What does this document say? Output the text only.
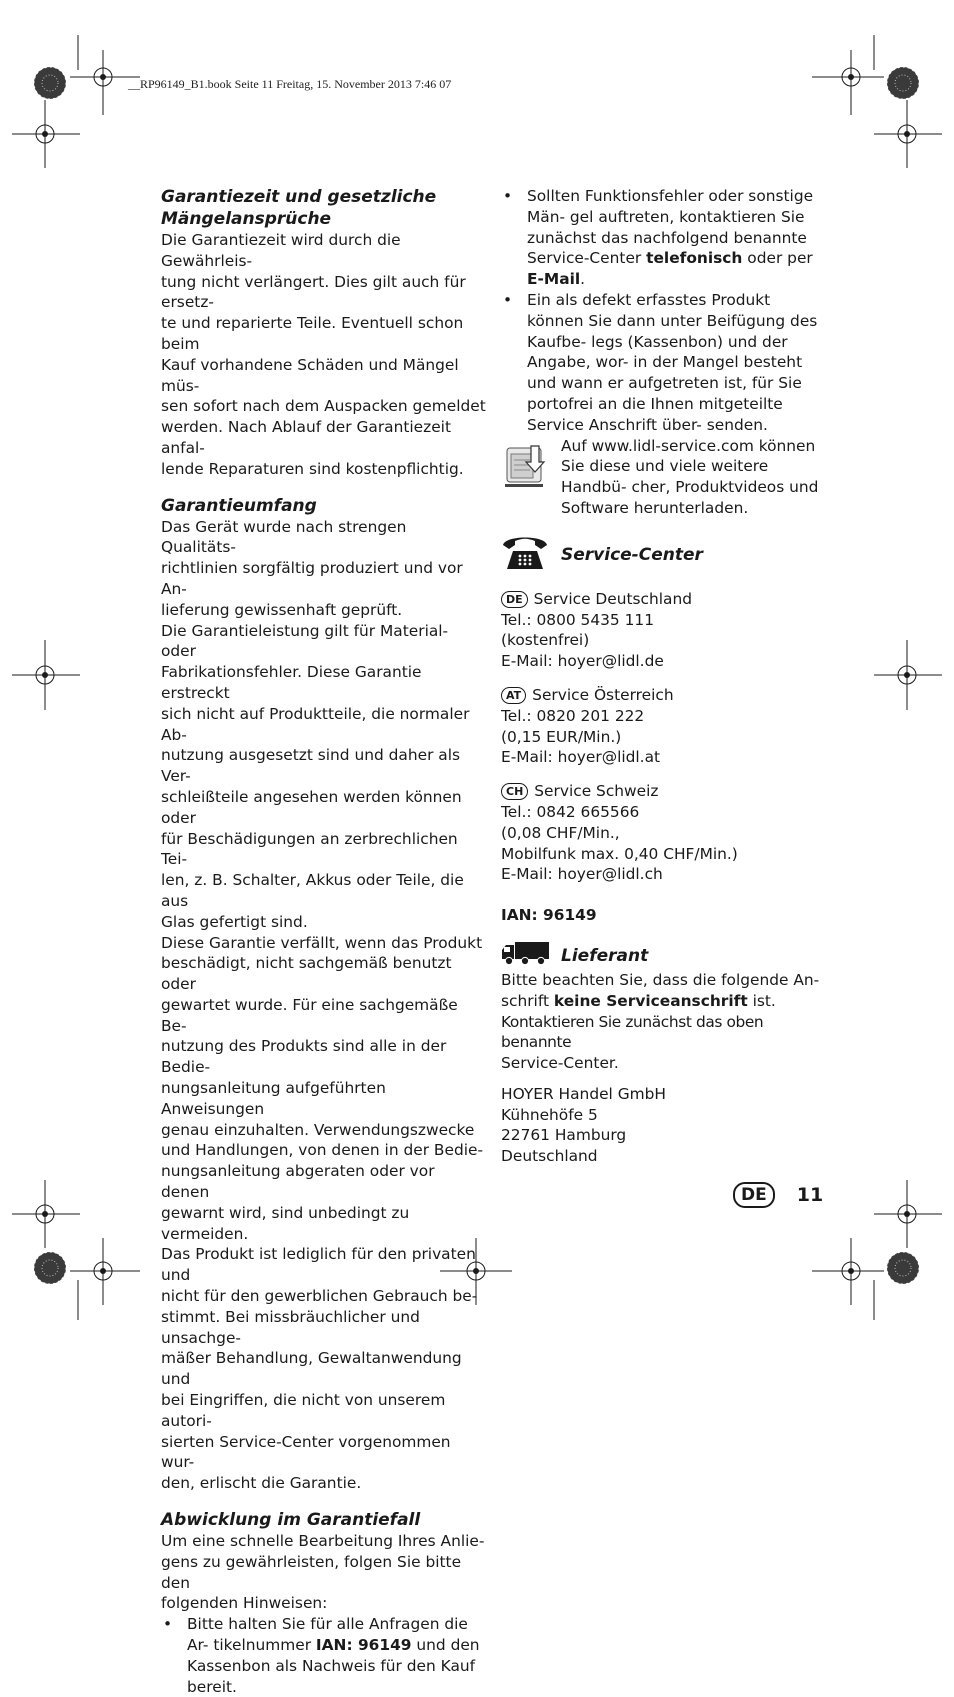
__RP96149_B1.book Seite 11 Freitag, 15. November 2013 7:46 07
Garantiezeit und gesetzliche Mängelansprüche
Die Garantiezeit wird durch die Gewährleis-
tung nicht verlängert. Dies gilt auch für ersetz-
te und reparierte Teile. Eventuell schon beim
Kauf vorhandene Schäden und Mängel müs-
sen sofort nach dem Auspacken gemeldet
werden. Nach Ablauf der Garantiezeit anfal-
lende Reparaturen sind kostenpflichtig.
Garantieumfang
Das Gerät wurde nach strengen Qualitäts-
richtlinien sorgfältig produziert und vor An-
lieferung gewissenhaft geprüft.
Die Garantieleistung gilt für Material- oder
Fabrikationsfehler. Diese Garantie erstreckt
sich nicht auf Produktteile, die normaler Ab-
nutzung ausgesetzt sind und daher als Ver-
schleißteile angesehen werden können oder
für Beschädigungen an zerbrechlichen Tei-
len, z. B. Schalter, Akkus oder Teile, die aus
Glas gefertigt sind.
Diese Garantie verfällt, wenn das Produkt
beschädigt, nicht sachgemäß benutzt oder
gewartet wurde. Für eine sachgemäße Be-
nutzung des Produkts sind alle in der Bedie-
nungsanleitung aufgeführten Anweisungen
genau einzuhalten. Verwendungszwecke
und Handlungen, von denen in der Bedie-
nungsanleitung abgeraten oder vor denen
gewarnt wird, sind unbedingt zu vermeiden.
Das Produkt ist lediglich für den privaten und
nicht für den gewerblichen Gebrauch be-
stimmt. Bei missbräuchlicher und unsachge-
mäßer Behandlung, Gewaltanwendung und
bei Eingriffen, die nicht von unserem autori-
sierten Service-Center vorgenommen wur-
den, erlischt die Garantie.
Abwicklung im Garantiefall
Um eine schnelle Bearbeitung Ihres Anlie-
gens zu gewährleisten, folgen Sie bitte den
folgenden Hinweisen:
• Bitte halten Sie für alle Anfragen die Ar- tikelnummer IAN: 96149 und den Kassenbon als Nachweis für den Kauf bereit.
• Sollten Funktionsfehler oder sonstige Män- gel auftreten, kontaktieren Sie zunächst das nachfolgend benannte Service-Center telefonisch oder per E-Mail.
• Ein als defekt erfasstes Produkt können Sie dann unter Beifügung des Kaufbe- legs (Kassenbon) und der Angabe, wor- in der Mangel besteht und wann er aufgetreten ist, für Sie portofrei an die Ihnen mitgeteilte Service Anschrift über- senden.
Auf www.lidl-service.com können Sie diese und viele weitere Handbü- cher, Produktvideos und Software herunterladen.
Service-Center
DE Service Deutschland
Tel.: 0800 5435 111
(kostenfrei)
E-Mail: hoyer@lidl.de
AT Service Österreich
Tel.: 0820 201 222
(0,15 EUR/Min.)
E-Mail: hoyer@lidl.at
CH Service Schweiz
Tel.: 0842 665566
(0,08 CHF/Min.,
Mobilfunk max. 0,40 CHF/Min.)
E-Mail: hoyer@lidl.ch
IAN: 96149
Lieferant
Bitte beachten Sie, dass die folgende An-
schrift keine Serviceanschrift ist.
Kontaktieren Sie zunächst das oben benannte
Service-Center.
HOYER Handel GmbH
Kühnehöfe 5
22761 Hamburg
Deutschland
DE	11
